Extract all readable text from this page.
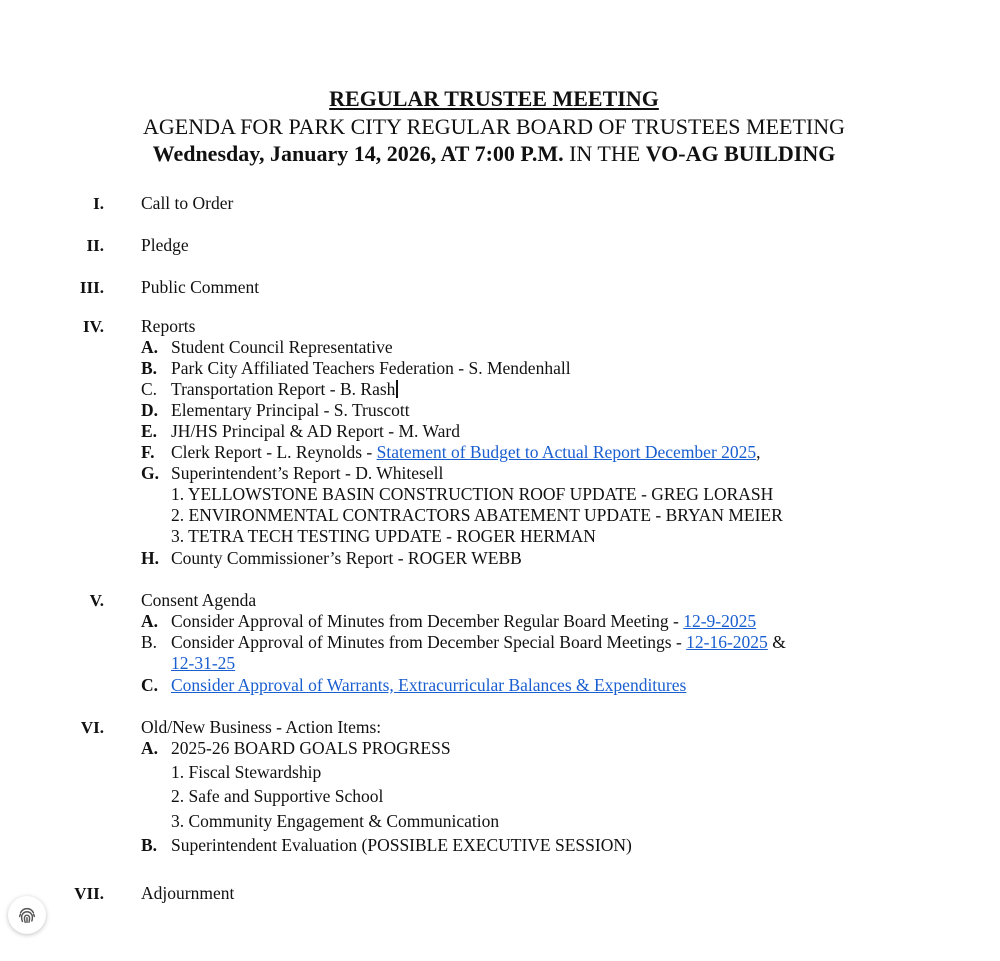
REGULAR TRUSTEE MEETING
AGENDA FOR PARK CITY REGULAR BOARD OF TRUSTEES MEETING
Wednesday, January 14, 2026, AT 7:00 P.M. IN THE VO-AG BUILDING
I. Call to Order
II. Pledge
III. Public Comment
IV. Reports
A. Student Council Representative
B. Park City Affiliated Teachers Federation - S. Mendenhall
C. Transportation Report - B. Rash
D. Elementary Principal - S. Truscott
E. JH/HS Principal & AD Report - M. Ward
F. Clerk Report - L. Reynolds - Statement of Budget to Actual Report December 2025,
G. Superintendent’s Report - D. Whitesell
1. YELLOWSTONE BASIN CONSTRUCTION ROOF UPDATE - GREG LORASH
2. ENVIRONMENTAL CONTRACTORS ABATEMENT UPDATE - BRYAN MEIER
3. TETRA TECH TESTING UPDATE - ROGER HERMAN
H. County Commissioner’s Report - ROGER WEBB
V. Consent Agenda
A. Consider Approval of Minutes from December Regular Board Meeting - 12-9-2025
B. Consider Approval of Minutes from December Special Board Meetings - 12-16-2025 &
12-31-25
C. Consider Approval of Warrants, Extracurricular Balances & Expenditures
VI. Old/New Business - Action Items:
A. 2025-26 BOARD GOALS PROGRESS
1. Fiscal Stewardship
2. Safe and Supportive School
3. Community Engagement & Communication
B. Superintendent Evaluation (POSSIBLE EXECUTIVE SESSION)
VII. Adjournment
